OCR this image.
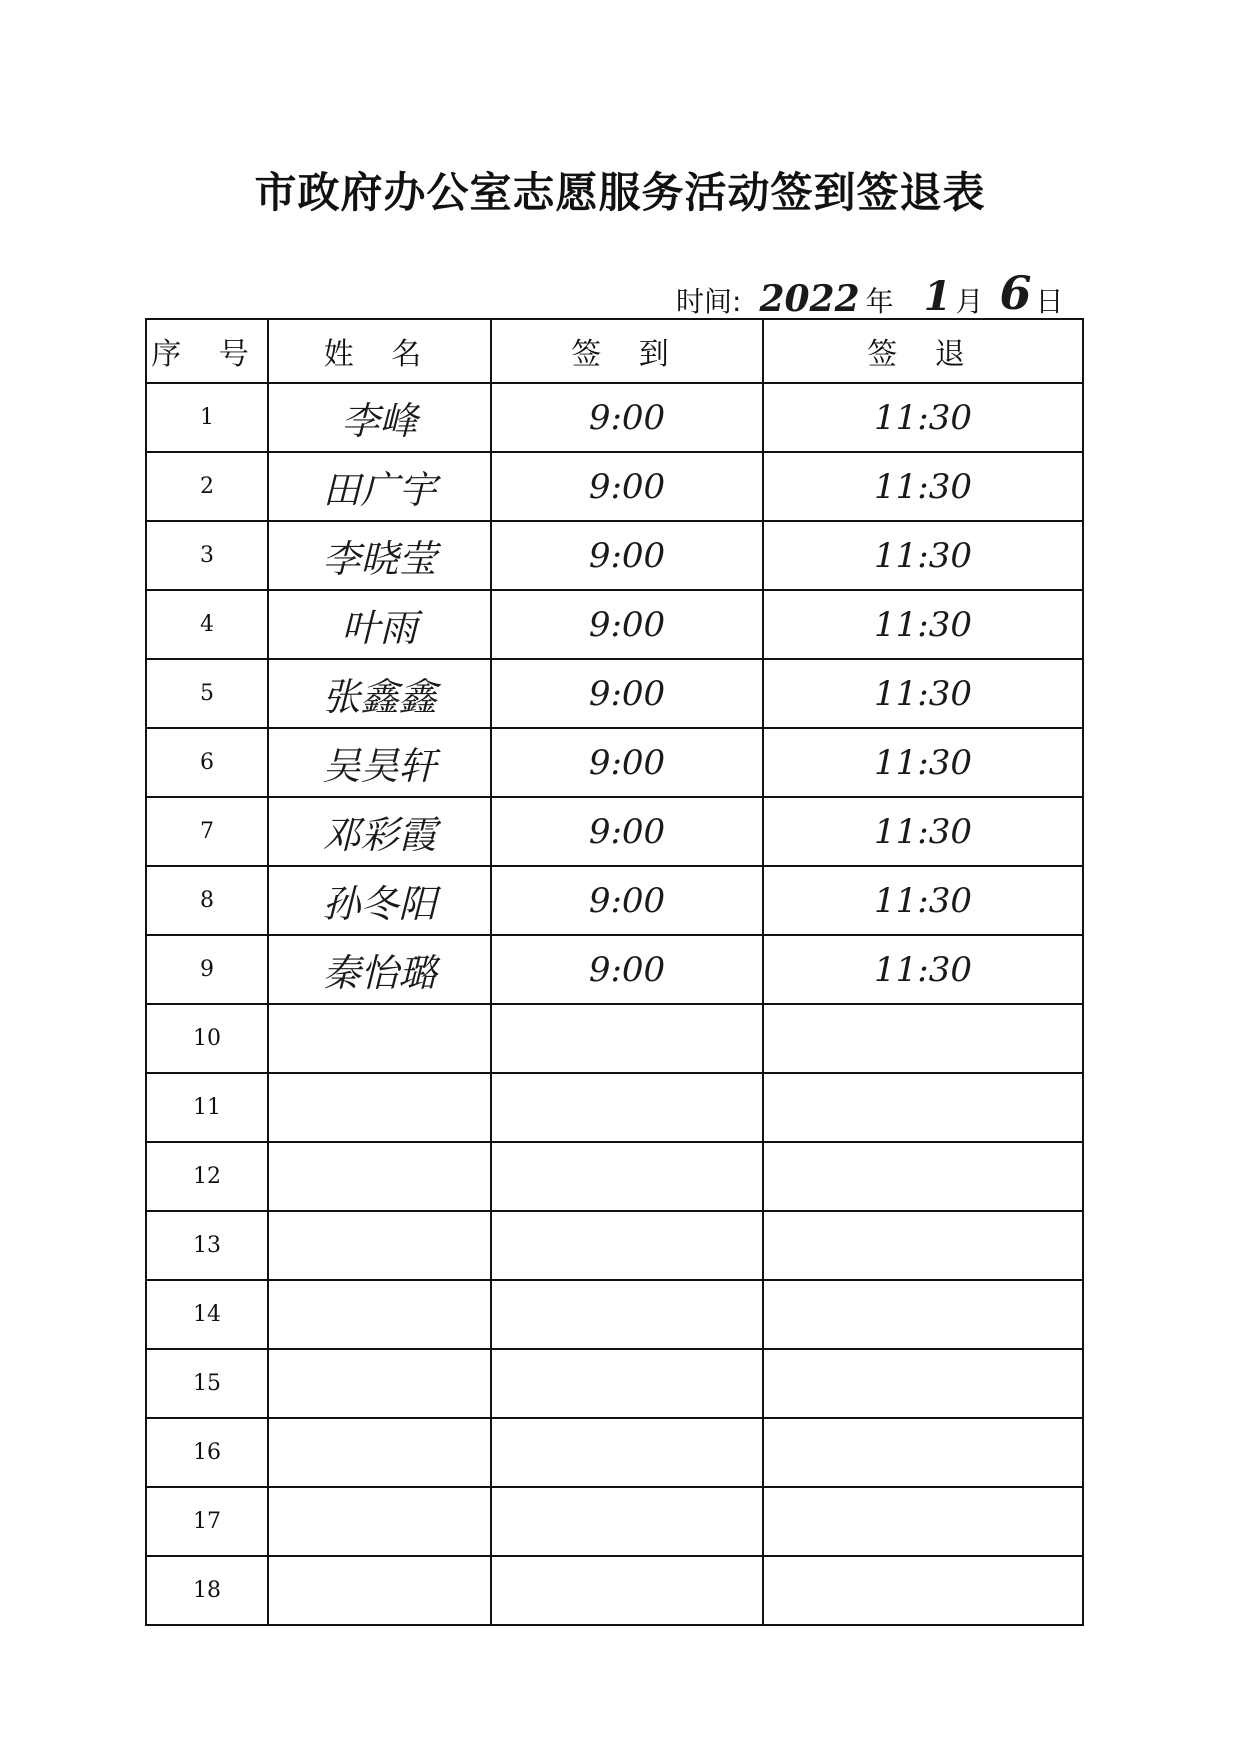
市政府办公室志愿服务活动签到签退表
时间: 2022 年 1 月 6 日
序 号	姓 名	签 到	签 退
1	李峰	9:00	11:30
2	田广宇	9:00	11:30
3	李晓莹	9:00	11:30
4	叶雨	9:00	11:30
5	张鑫鑫	9:00	11:30
6	吴昊轩	9:00	11:30
7	邓彩霞	9:00	11:30
8	孙冬阳	9:00	11:30
9	秦怡璐	9:00	11:30
10			
11			
12			
13			
14			
15			
16			
17			
18			
